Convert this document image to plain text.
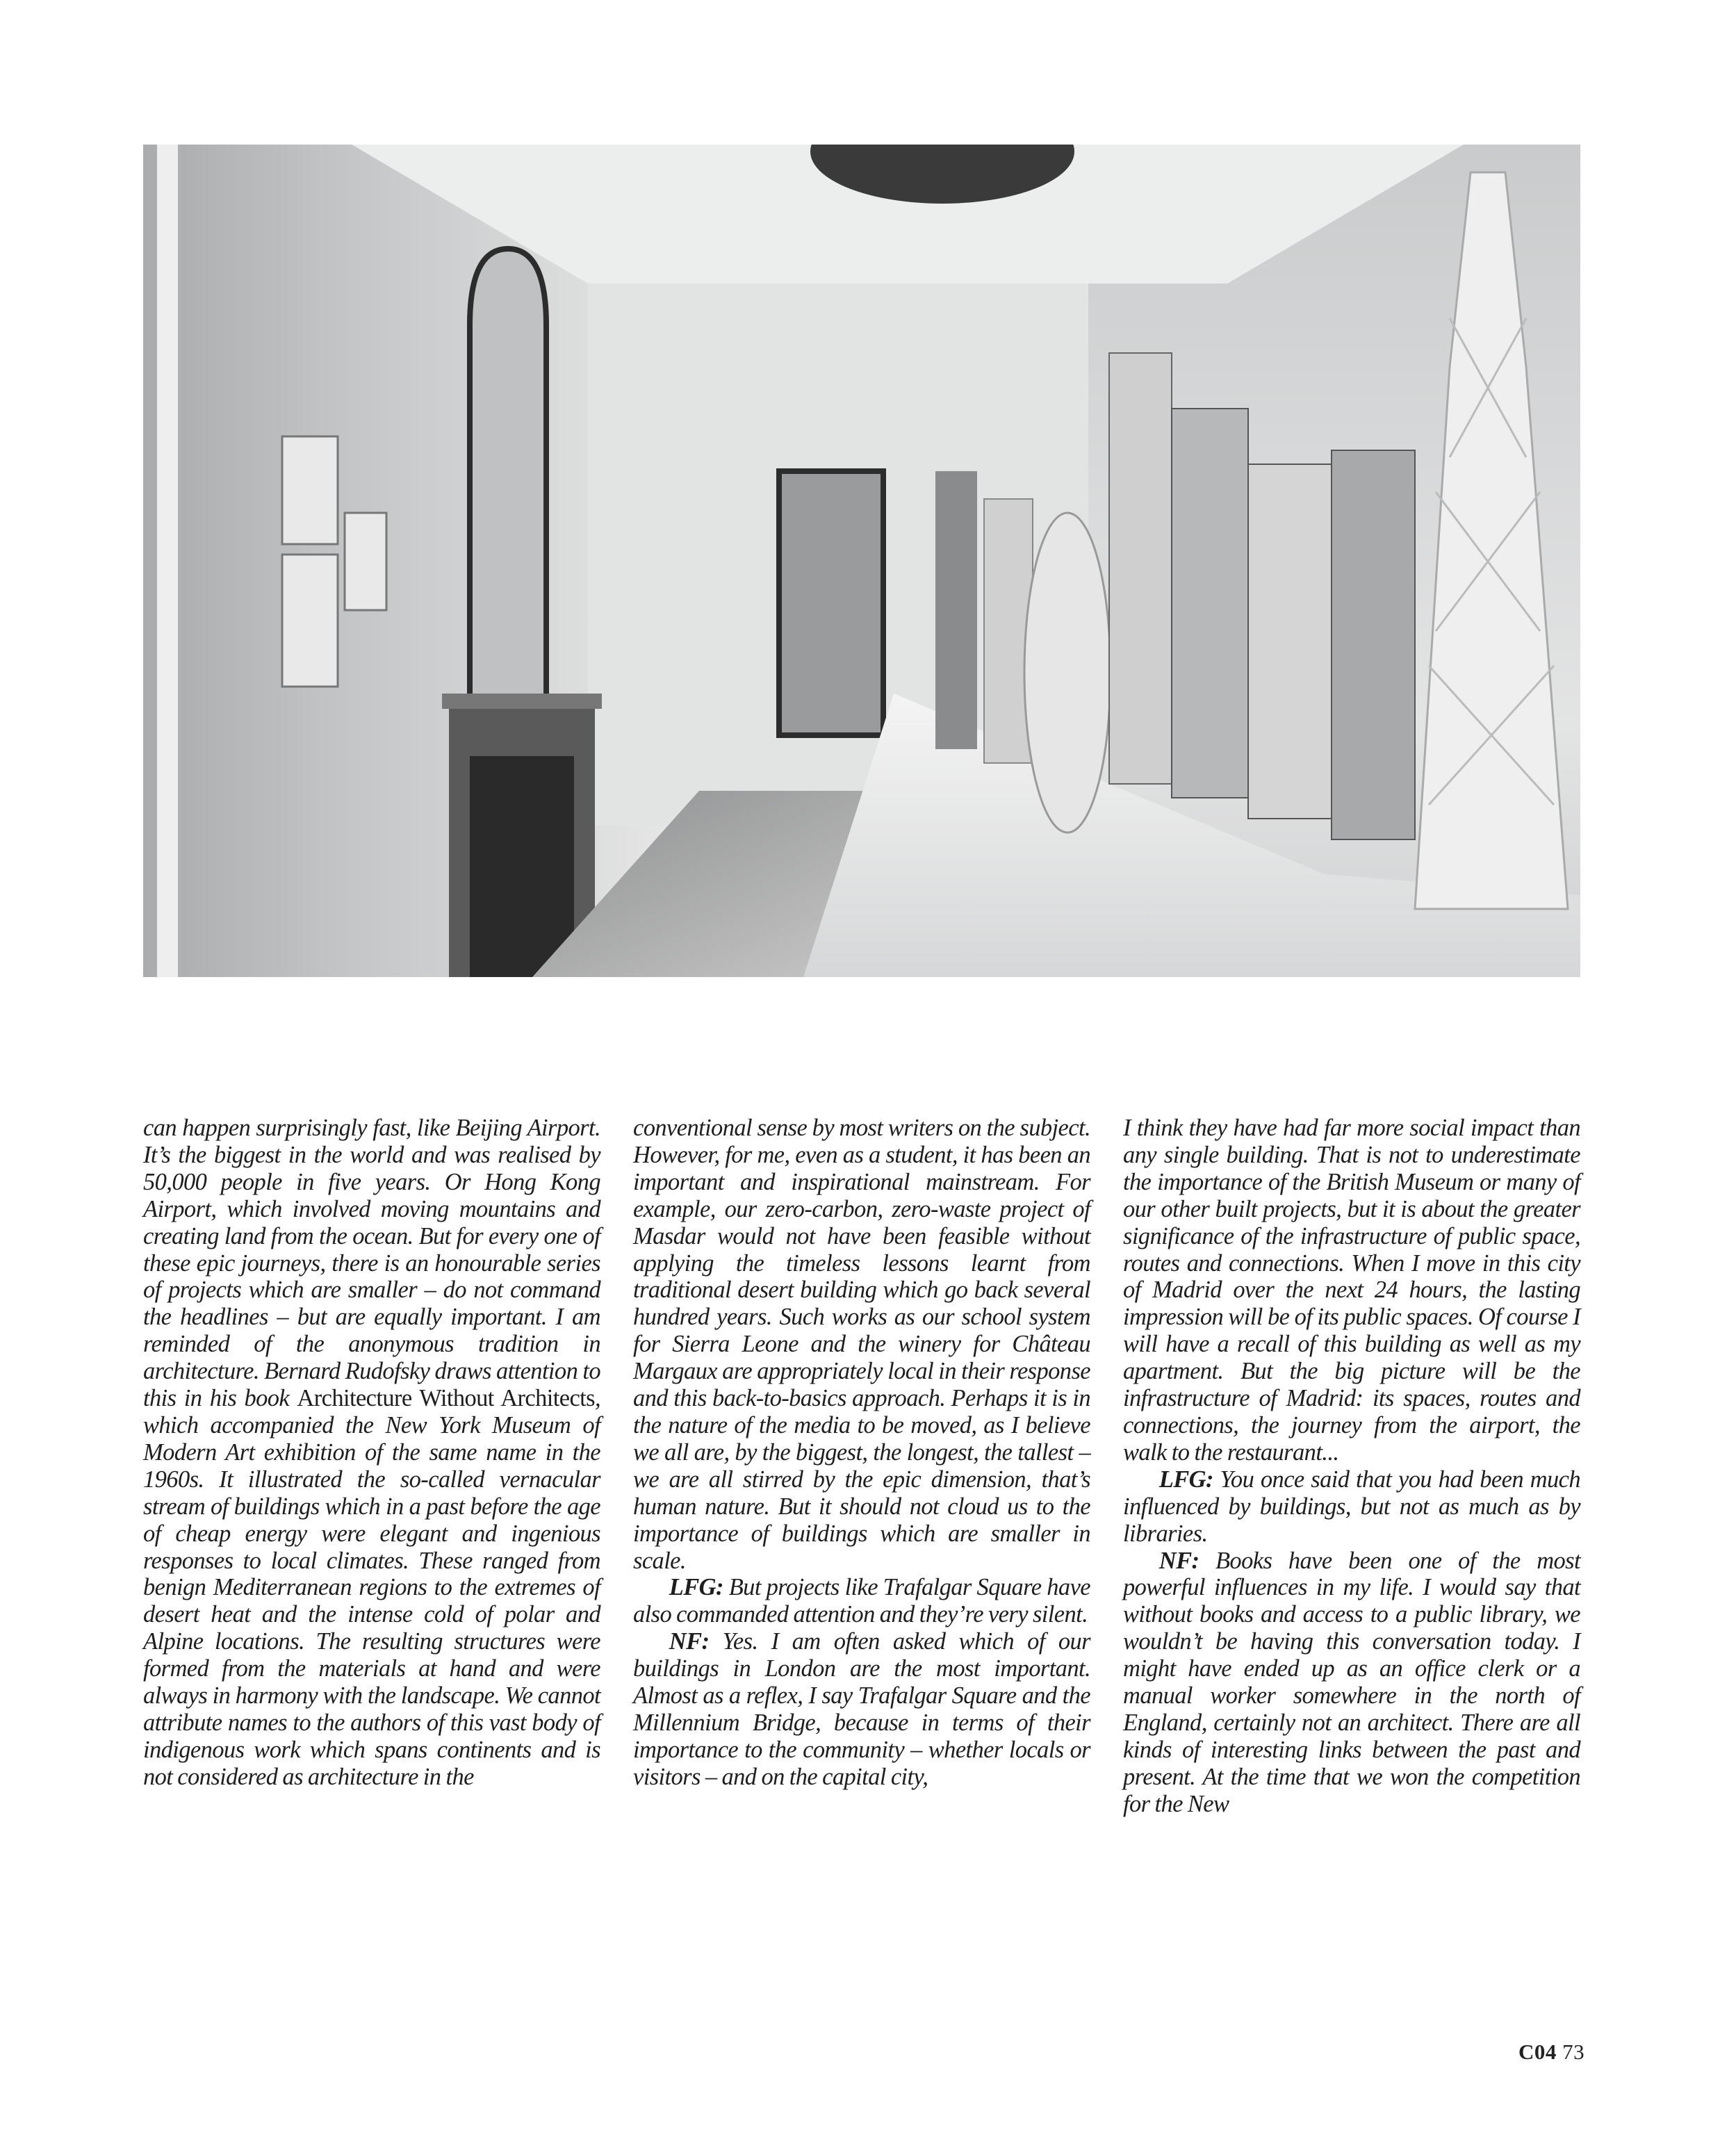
can happen surprisingly fast, like Beijing Airport. It’s the biggest in the world and was realised by 50,000 people in five years. Or Hong Kong Airport, which involved moving mountains and creating land from the ocean. But for every one of these epic journeys, there is an honourable series of projects which are smaller – do not command the headlines – but are equally important. I am reminded of the anonymous tradition in architecture. Bernard Rudofsky draws attention to this in his book Architecture Without Architects, which accompanied the New York Museum of Modern Art exhibition of the same name in the 1960s. It illustrated the so-called vernacular stream of buildings which in a past before the age of cheap energy were elegant and ingenious responses to local climates. These ranged from benign Mediterranean regions to the extremes of desert heat and the intense cold of polar and Alpine locations. The resulting structures were formed from the materials at hand and were always in harmony with the landscape. We cannot attribute names to the authors of this vast body of indigenous work which spans continents and is not considered as architecture in the

conventional sense by most writers on the subject. However, for me, even as a student, it has been an important and inspirational mainstream. For example, our zero-carbon, zero-waste project of Masdar would not have been feasible without applying the timeless lessons learnt from traditional desert building which go back several hundred years. Such works as our school system for Sierra Leone and the winery for Château Margaux are appropriately local in their response and this back-to-basics approach. Perhaps it is in the nature of the media to be moved, as I believe we all are, by the biggest, the longest, the tallest – we are all stirred by the epic dimension, that’s human nature. But it should not cloud us to the importance of buildings which are smaller in scale.

LFG: But projects like Trafalgar Square have also commanded attention and they’re very silent.

NF: Yes. I am often asked which of our buildings in London are the most important. Almost as a reflex, I say Trafalgar Square and the Millennium Bridge, because in terms of their importance to the community – whether locals or visitors – and on the capital city,

I think they have had far more social impact than any single building. That is not to underestimate the importance of the British Museum or many of our other built projects, but it is about the greater significance of the infrastructure of public space, routes and connections. When I move in this city of Madrid over the next 24 hours, the lasting impression will be of its public spaces. Of course I will have a recall of this building as well as my apartment. But the big picture will be the infrastructure of Madrid: its spaces, routes and connections, the journey from the airport, the walk to the restaurant...

LFG: You once said that you had been much influenced by buildings, but not as much as by libraries.

NF: Books have been one of the most powerful influences in my life. I would say that without books and access to a public library, we wouldn’t be having this conversation today. I might have ended up as an office clerk or a manual worker somewhere in the north of England, certainly not an architect. There are all kinds of interesting links between the past and present. At the time that we won the competition for the New

C04 73
